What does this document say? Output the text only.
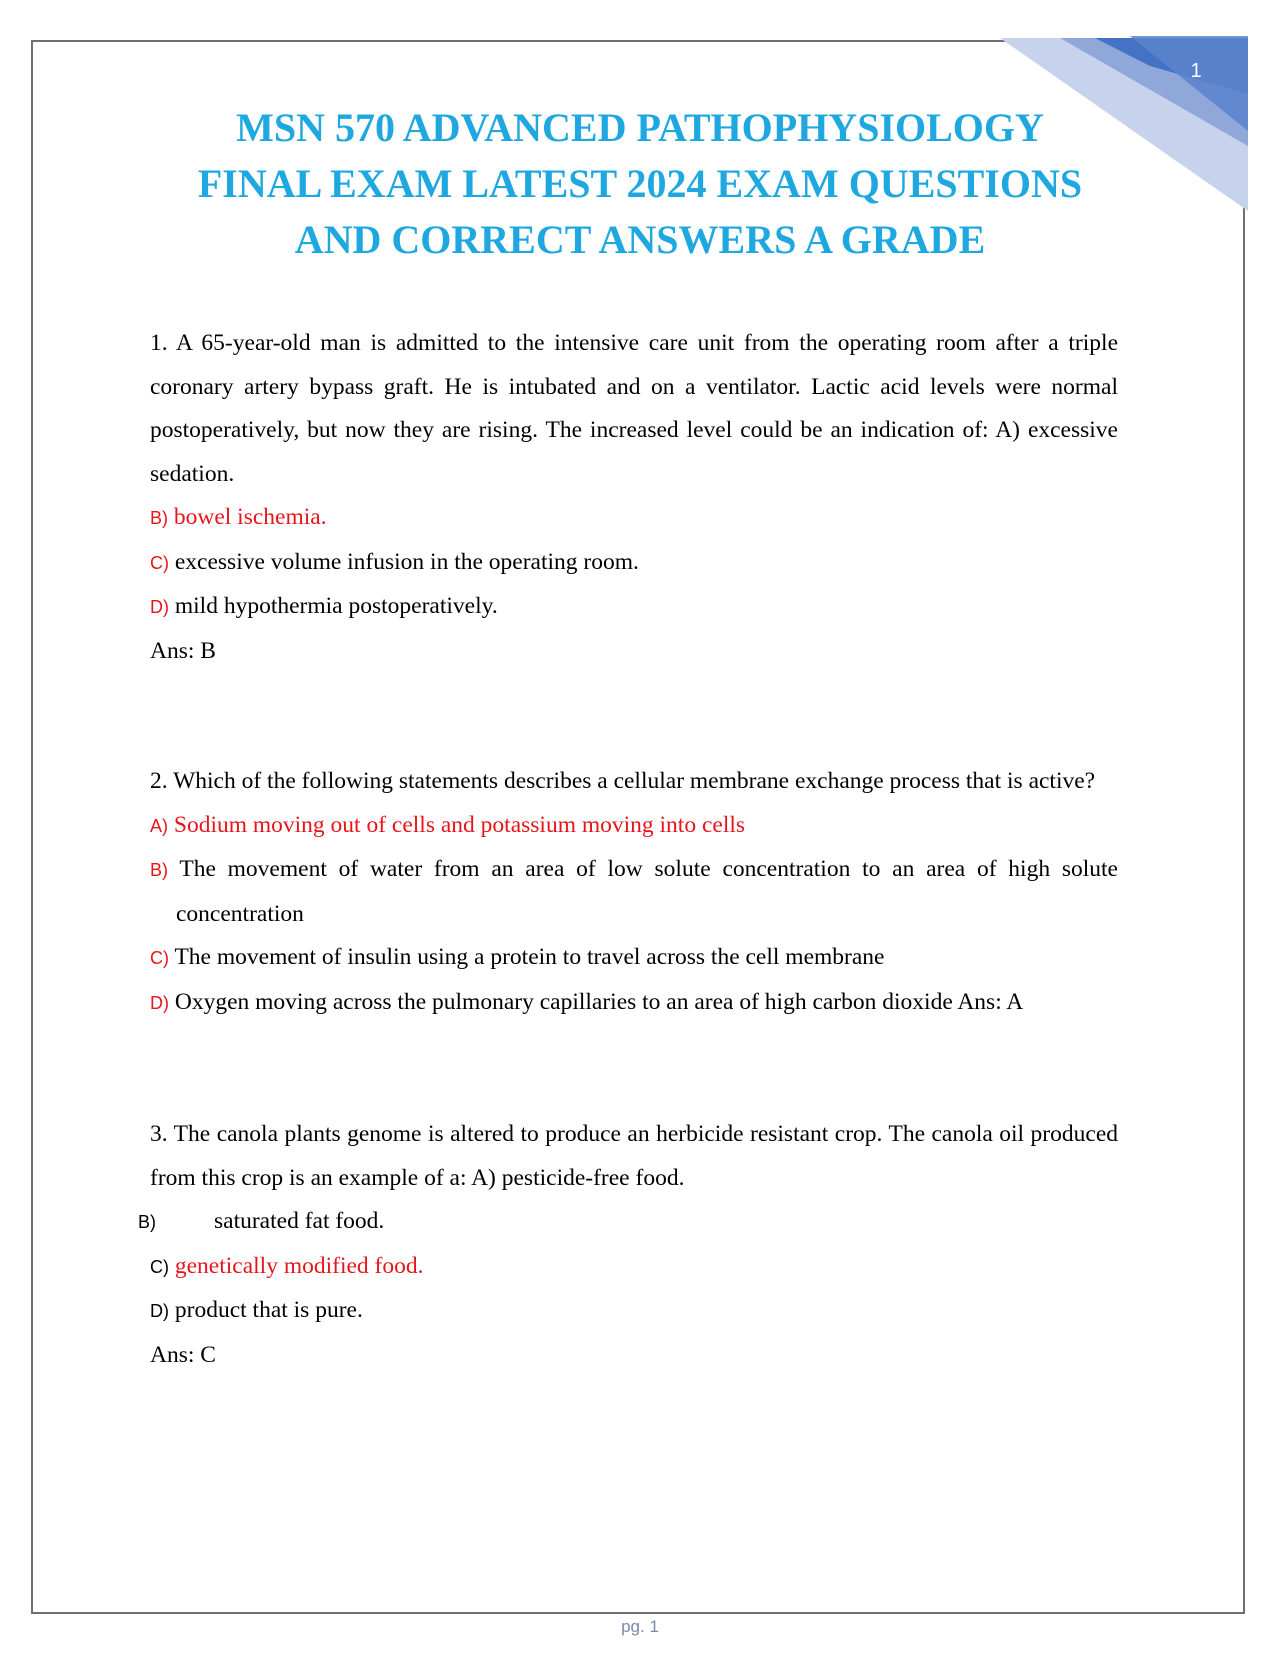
1
MSN 570 ADVANCED PATHOPHYSIOLOGY
FINAL EXAM LATEST 2024 EXAM QUESTIONS
AND CORRECT ANSWERS A GRADE
1. A 65-year-old man is admitted to the intensive care unit from the operating room after a triple coronary artery bypass graft. He is intubated and on a ventilator. Lactic acid levels were normal postoperatively, but now they are rising. The increased level could be an indication of: A) excessive sedation.
B) bowel ischemia.
C) excessive volume infusion in the operating room.
D) mild hypothermia postoperatively.
Ans: B
2. Which of the following statements describes a cellular membrane exchange process that is active?
A) Sodium moving out of cells and potassium moving into cells
B) The movement of water from an area of low solute concentration to an area of high solute concentration
C) The movement of insulin using a protein to travel across the cell membrane
D) Oxygen moving across the pulmonary capillaries to an area of high carbon dioxide Ans: A
3. The canola plants genome is altered to produce an herbicide resistant crop. The canola oil produced from this crop is an example of a: A) pesticide-free food.
B) saturated fat food.
C) genetically modified food.
D) product that is pure.
Ans: C
pg. 1
